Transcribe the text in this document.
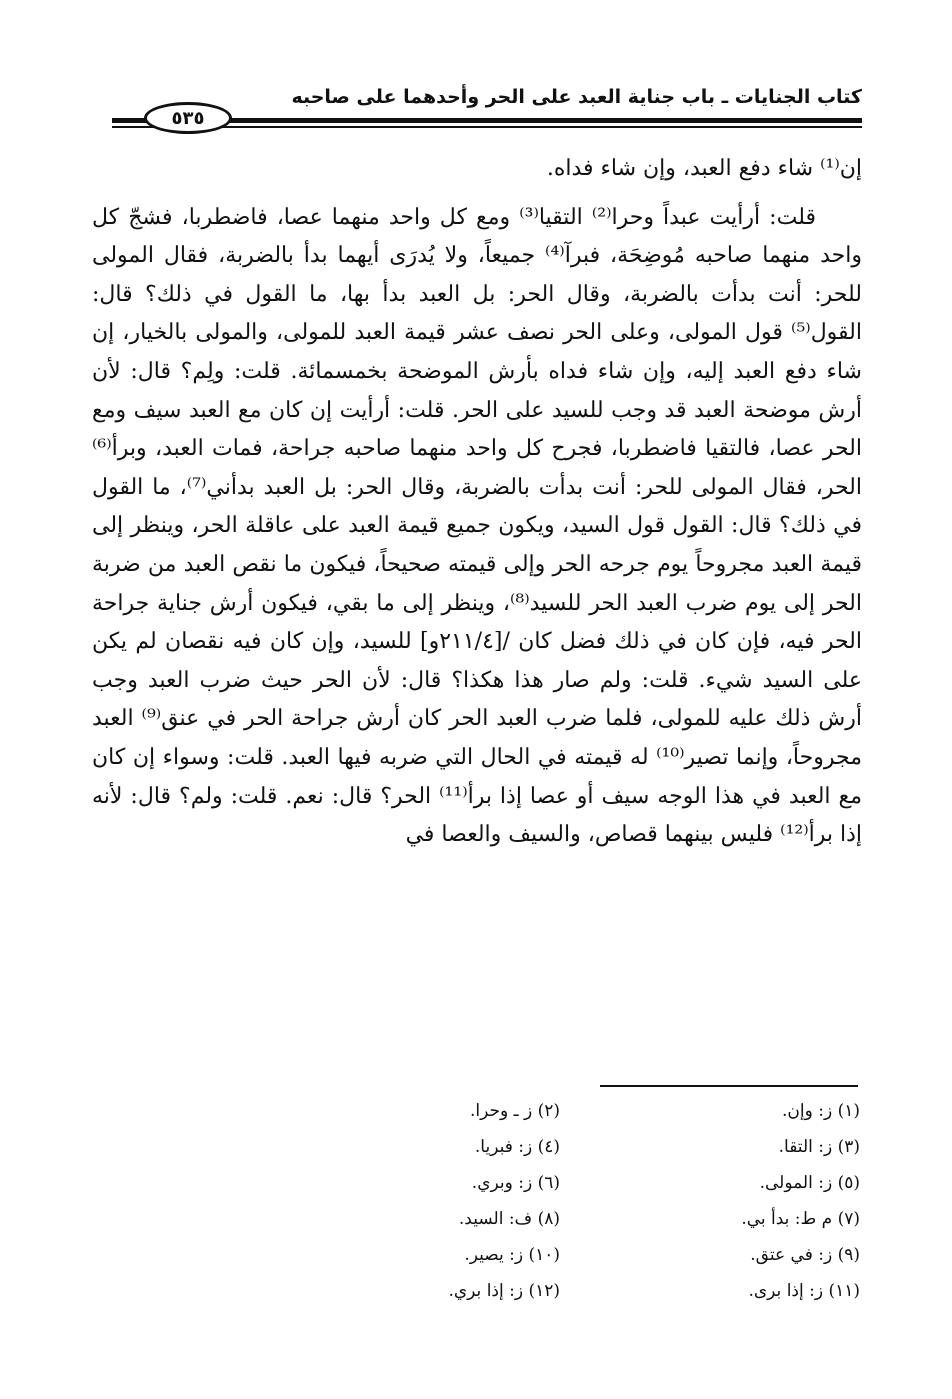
كتاب الجنايات ـ باب جناية العبد على الحر وأحدهما على صاحبه
٥٣٥

إن⁽¹⁾ شاء دفع العبد، وإن شاء فداه.

قلت: أرأيت عبداً وحرا⁽²⁾ التقيا⁽³⁾ ومع كل واحد منهما عصا، فاضطربا، فشجّ كل واحد منهما صاحبه مُوضِحَة، فبرآ⁽⁴⁾ جميعاً، ولا يُدرَى أيهما بدأ بالضربة، فقال المولى للحر: أنت بدأت بالضربة، وقال الحر: بل العبد بدأ بها، ما القول في ذلك؟ قال: القول⁽⁵⁾ قول المولى، وعلى الحر نصف عشر قيمة العبد للمولى، والمولى بالخيار، إن شاء دفع العبد إليه، وإن شاء فداه بأرش الموضحة بخمسمائة. قلت: ولِم؟ قال: لأن أرش موضحة العبد قد وجب للسيد على الحر. قلت: أرأيت إن كان مع العبد سيف ومع الحر عصا، فالتقيا فاضطربا، فجرح كل واحد منهما صاحبه جراحة، فمات العبد، وبرأ⁽⁶⁾ الحر، فقال المولى للحر: أنت بدأت بالضربة، وقال الحر: بل العبد بدأني⁽⁷⁾، ما القول في ذلك؟ قال: القول قول السيد، ويكون جميع قيمة العبد على عاقلة الحر، وينظر إلى قيمة العبد مجروحاً يوم جرحه الحر وإلى قيمته صحيحاً، فيكون ما نقص العبد من ضربة الحر إلى يوم ضرب العبد الحر للسيد⁽⁸⁾، وينظر إلى ما بقي، فيكون أرش جناية جراحة الحر فيه، فإن كان في ذلك فضل كان /[٢١١/٤و] للسيد، وإن كان فيه نقصان لم يكن على السيد شيء. قلت: ولم صار هذا هكذا؟ قال: لأن الحر حيث ضرب العبد وجب أرش ذلك عليه للمولى، فلما ضرب العبد الحر كان أرش جراحة الحر في عنق⁽⁹⁾ العبد مجروحاً، وإنما تصير⁽¹⁰⁾ له قيمته في الحال التي ضربه فيها العبد. قلت: وسواء إن كان مع العبد في هذا الوجه سيف أو عصا إذا برأ⁽¹¹⁾ الحر؟ قال: نعم. قلت: ولم؟ قال: لأنه إذا برأ⁽¹²⁾ فليس بينهما قصاص، والسيف والعصا في

(١) ز: وإن.
(٢) ز ـ وحرا.
(٣) ز: التقا.
(٤) ز: فبريا.
(٥) ز: المولى.
(٦) ز: وبري.
(٧) م ط: بدأ بي.
(٨) ف: السيد.
(٩) ز: في عتق.
(١٠) ز: يصير.
(١١) ز: إذا برى.
(١٢) ز: إذا بري.
